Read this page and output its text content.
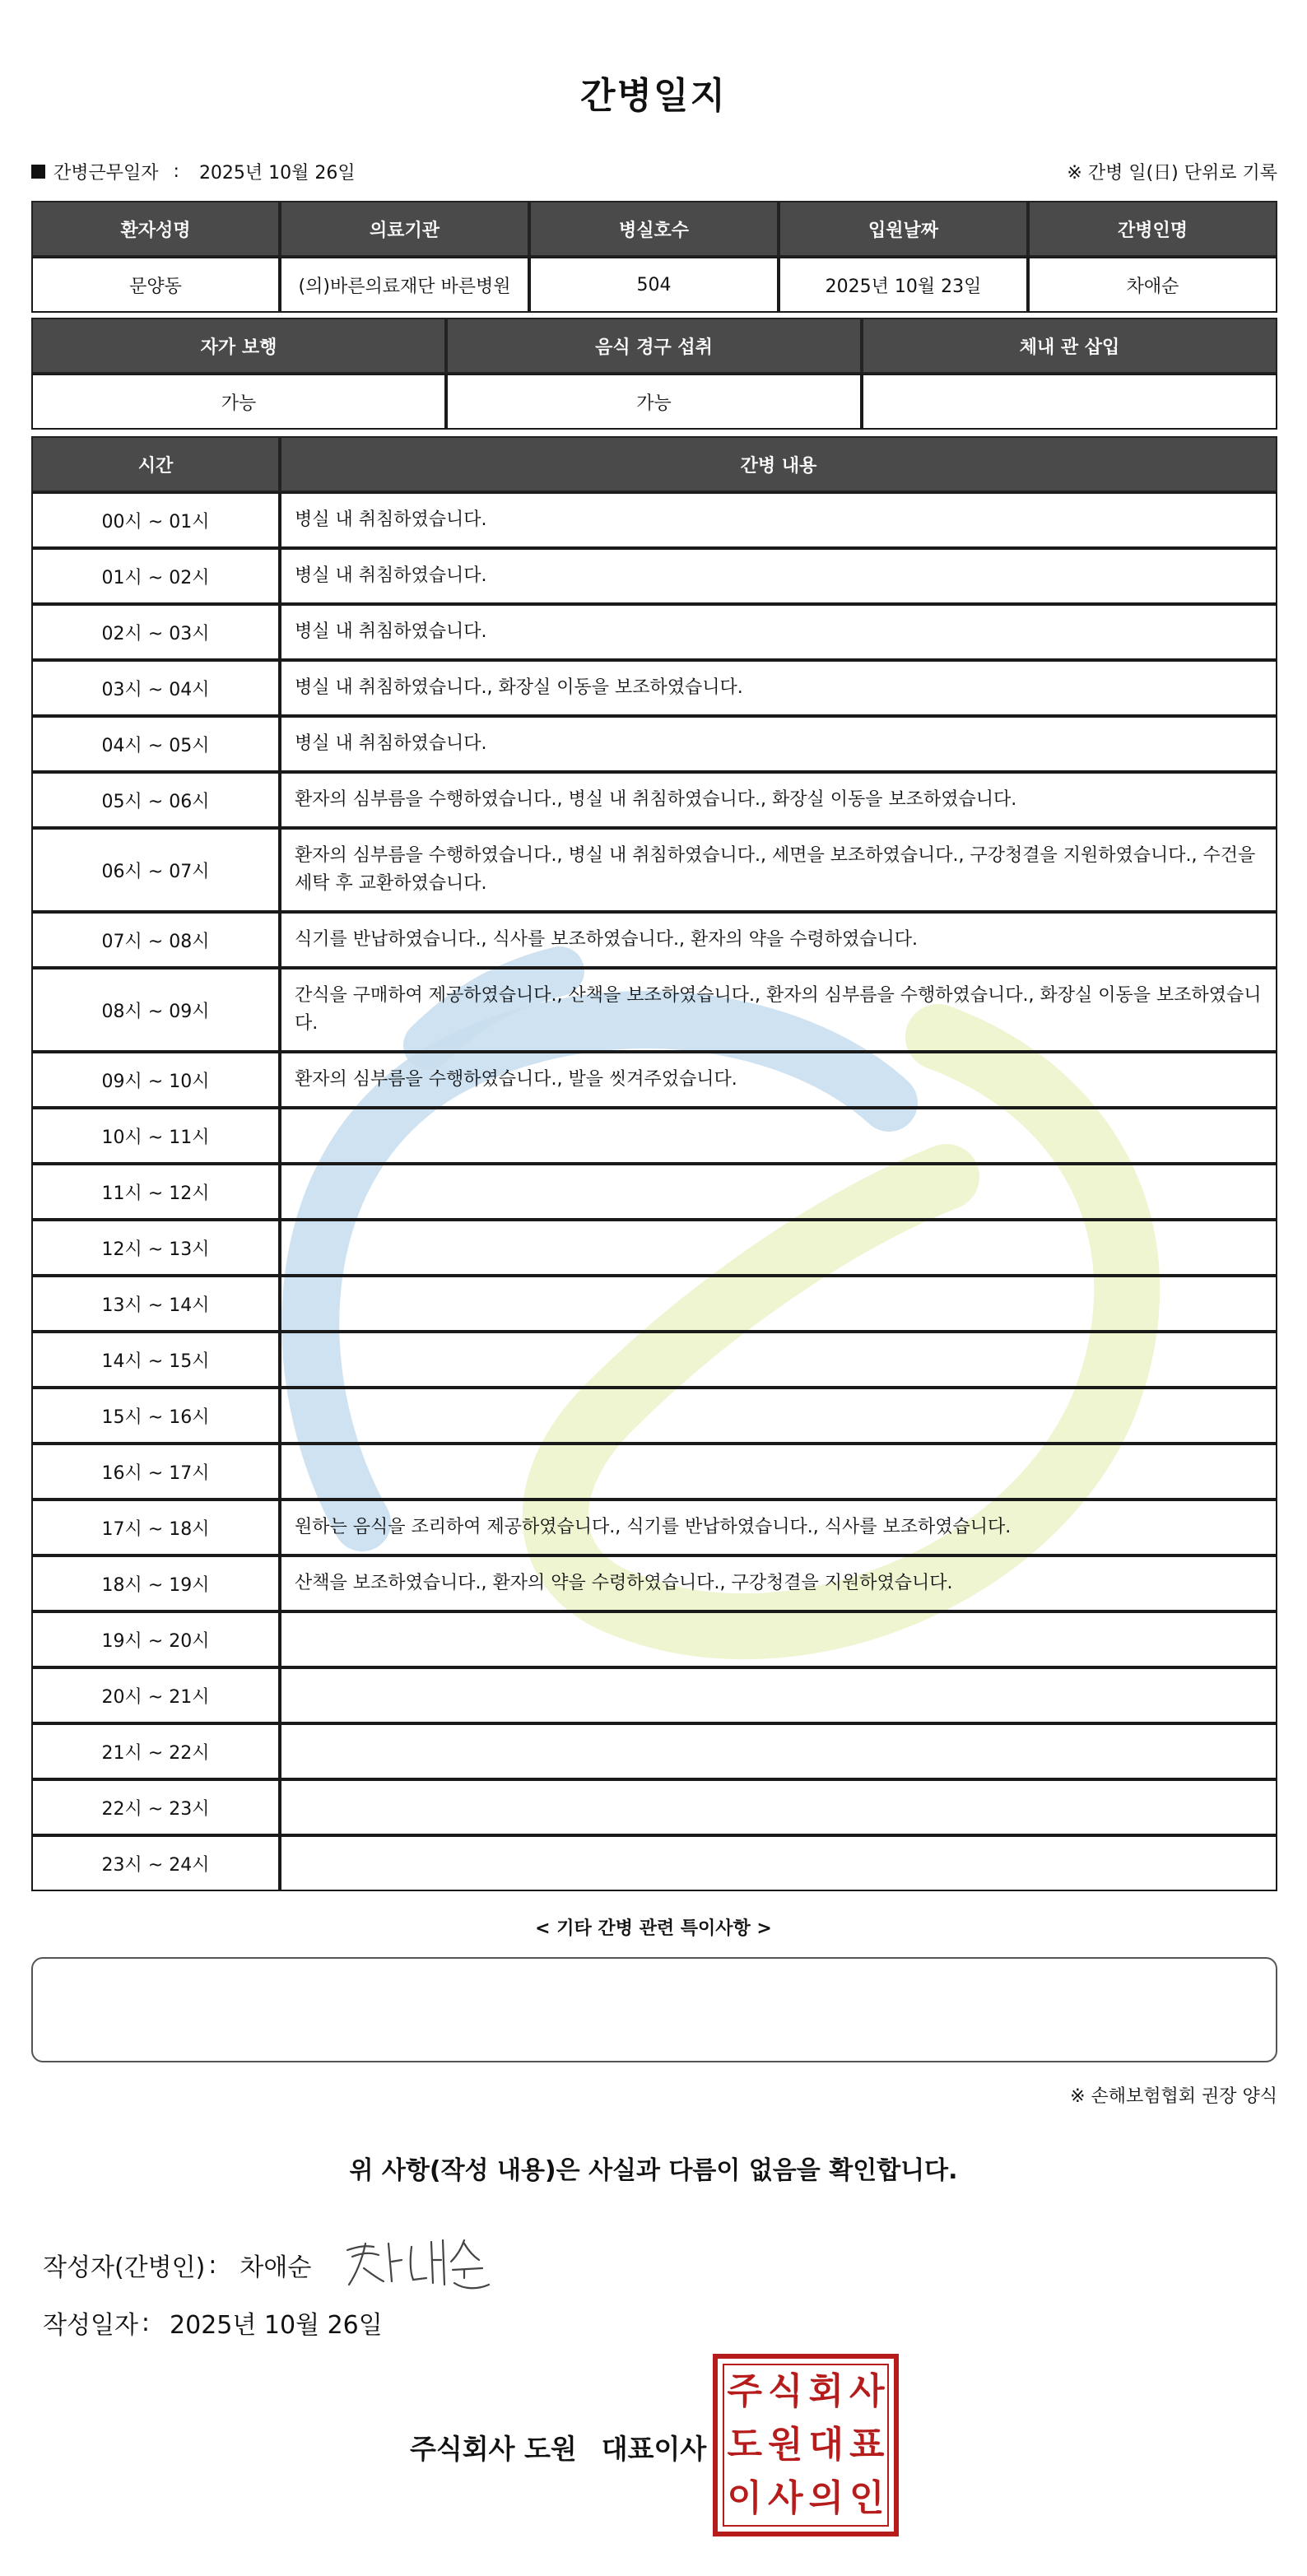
간병일지
간병근무일자 : 2025년 10월 26일	※ 간병 일(日) 단위로 기록
환자성명	의료기관	병실호수	입원날짜	간병인명
문양동	(의)바른의료재단 바른병원	504	2025년 10월 23일	차애순
자가 보행	음식 경구 섭취	체내 관 삽입
가능	가능	
시간	간병 내용
00시 ~ 01시	병실 내 취침하였습니다.
01시 ~ 02시	병실 내 취침하였습니다.
02시 ~ 03시	병실 내 취침하였습니다.
03시 ~ 04시	병실 내 취침하였습니다., 화장실 이동을 보조하였습니다.
04시 ~ 05시	병실 내 취침하였습니다.
05시 ~ 06시	환자의 심부름을 수행하였습니다., 병실 내 취침하였습니다., 화장실 이동을 보조하였습니다.
06시 ~ 07시	환자의 심부름을 수행하였습니다., 병실 내 취침하였습니다., 세면을 보조하였습니다., 구강청결을 지원하였습니다., 수건을 세탁 후 교환하였습니다.
07시 ~ 08시	식기를 반납하였습니다., 식사를 보조하였습니다., 환자의 약을 수령하였습니다.
08시 ~ 09시	간식을 구매하여 제공하였습니다., 산책을 보조하였습니다., 환자의 심부름을 수행하였습니다., 화장실 이동을 보조하였습니다.
09시 ~ 10시	환자의 심부름을 수행하였습니다., 발을 씻겨주었습니다.
10시 ~ 11시	
11시 ~ 12시	
12시 ~ 13시	
13시 ~ 14시	
14시 ~ 15시	
15시 ~ 16시	
16시 ~ 17시	
17시 ~ 18시	원하는 음식을 조리하여 제공하였습니다., 식기를 반납하였습니다., 식사를 보조하였습니다.
18시 ~ 19시	산책을 보조하였습니다., 환자의 약을 수령하였습니다., 구강청결을 지원하였습니다.
19시 ~ 20시	
20시 ~ 21시	
21시 ~ 22시	
22시 ~ 23시	
23시 ~ 24시	
< 기타 간병 관련 특이사항 >
※ 손해보험협회 권장 양식
위 사항(작성 내용)은 사실과 다름이 없음을 확인합니다.
작성자(간병인) : 차애순
작성일자 : 2025년 10월 26일
주식회사 도원 대표이사
주 식 회 사
도 원 대 표
이 사 의 인
